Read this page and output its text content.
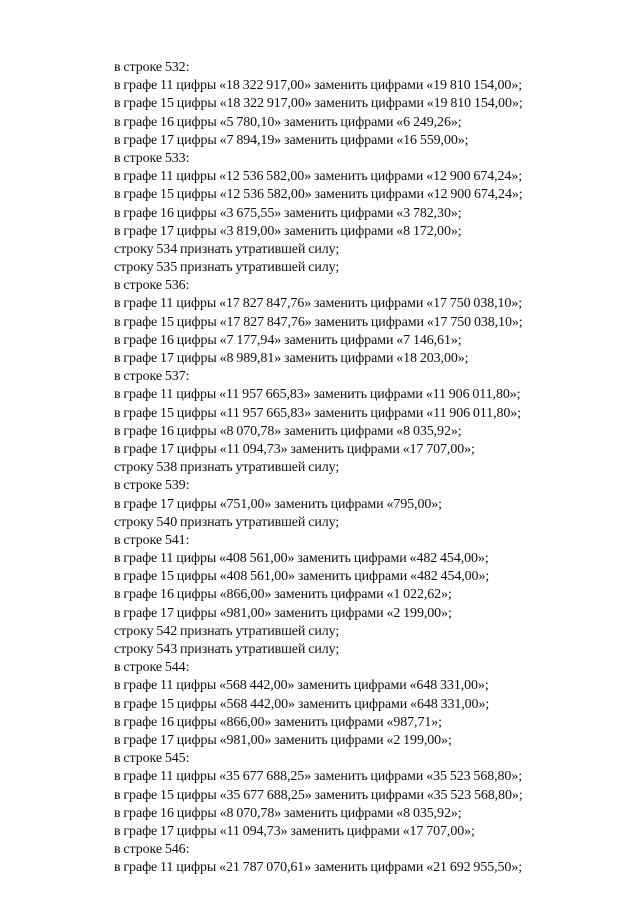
в строке 532:

в графе 11 цифры «18 322 917,00» заменить цифрами «19 810 154,00»;

в графе 15 цифры «18 322 917,00» заменить цифрами «19 810 154,00»;

в графе 16 цифры «5 780,10» заменить цифрами «6 249,26»;

в графе 17 цифры «7 894,19» заменить цифрами «16 559,00»;

в строке 533:

в графе 11 цифры «12 536 582,00» заменить цифрами «12 900 674,24»;

в графе 15 цифры «12 536 582,00» заменить цифрами «12 900 674,24»;

в графе 16 цифры «3 675,55» заменить цифрами «3 782,30»;

в графе 17 цифры «3 819,00» заменить цифрами «8 172,00»;

строку 534 признать утратившей силу;

строку 535 признать утратившей силу;

в строке 536:

в графе 11 цифры «17 827 847,76» заменить цифрами «17 750 038,10»;

в графе 15 цифры «17 827 847,76» заменить цифрами «17 750 038,10»;

в графе 16 цифры «7 177,94» заменить цифрами «7 146,61»;

в графе 17 цифры «8 989,81» заменить цифрами «18 203,00»;

в строке 537:

в графе 11 цифры «11 957 665,83» заменить цифрами «11 906 011,80»;

в графе 15 цифры «11 957 665,83» заменить цифрами «11 906 011,80»;

в графе 16 цифры «8 070,78» заменить цифрами «8 035,92»;

в графе 17 цифры «11 094,73» заменить цифрами «17 707,00»;

строку 538 признать утратившей силу;

в строке 539:

в графе 17 цифры «751,00» заменить цифрами «795,00»;

строку 540 признать утратившей силу;

в строке 541:

в графе 11 цифры «408 561,00» заменить цифрами «482 454,00»;

в графе 15 цифры «408 561,00» заменить цифрами «482 454,00»;

в графе 16 цифры «866,00» заменить цифрами «1 022,62»;

в графе 17 цифры «981,00» заменить цифрами «2 199,00»;

строку 542 признать утратившей силу;

строку 543 признать утратившей силу;

в строке 544:

в графе 11 цифры «568 442,00» заменить цифрами «648 331,00»;

в графе 15 цифры «568 442,00» заменить цифрами «648 331,00»;

в графе 16 цифры «866,00» заменить цифрами «987,71»;

в графе 17 цифры «981,00» заменить цифрами «2 199,00»;

в строке 545:

в графе 11 цифры «35 677 688,25» заменить цифрами «35 523 568,80»;

в графе 15 цифры «35 677 688,25» заменить цифрами «35 523 568,80»;

в графе 16 цифры «8 070,78» заменить цифрами «8 035,92»;

в графе 17 цифры «11 094,73» заменить цифрами «17 707,00»;

в строке 546:

в графе 11 цифры «21 787 070,61» заменить цифрами «21 692 955,50»;
